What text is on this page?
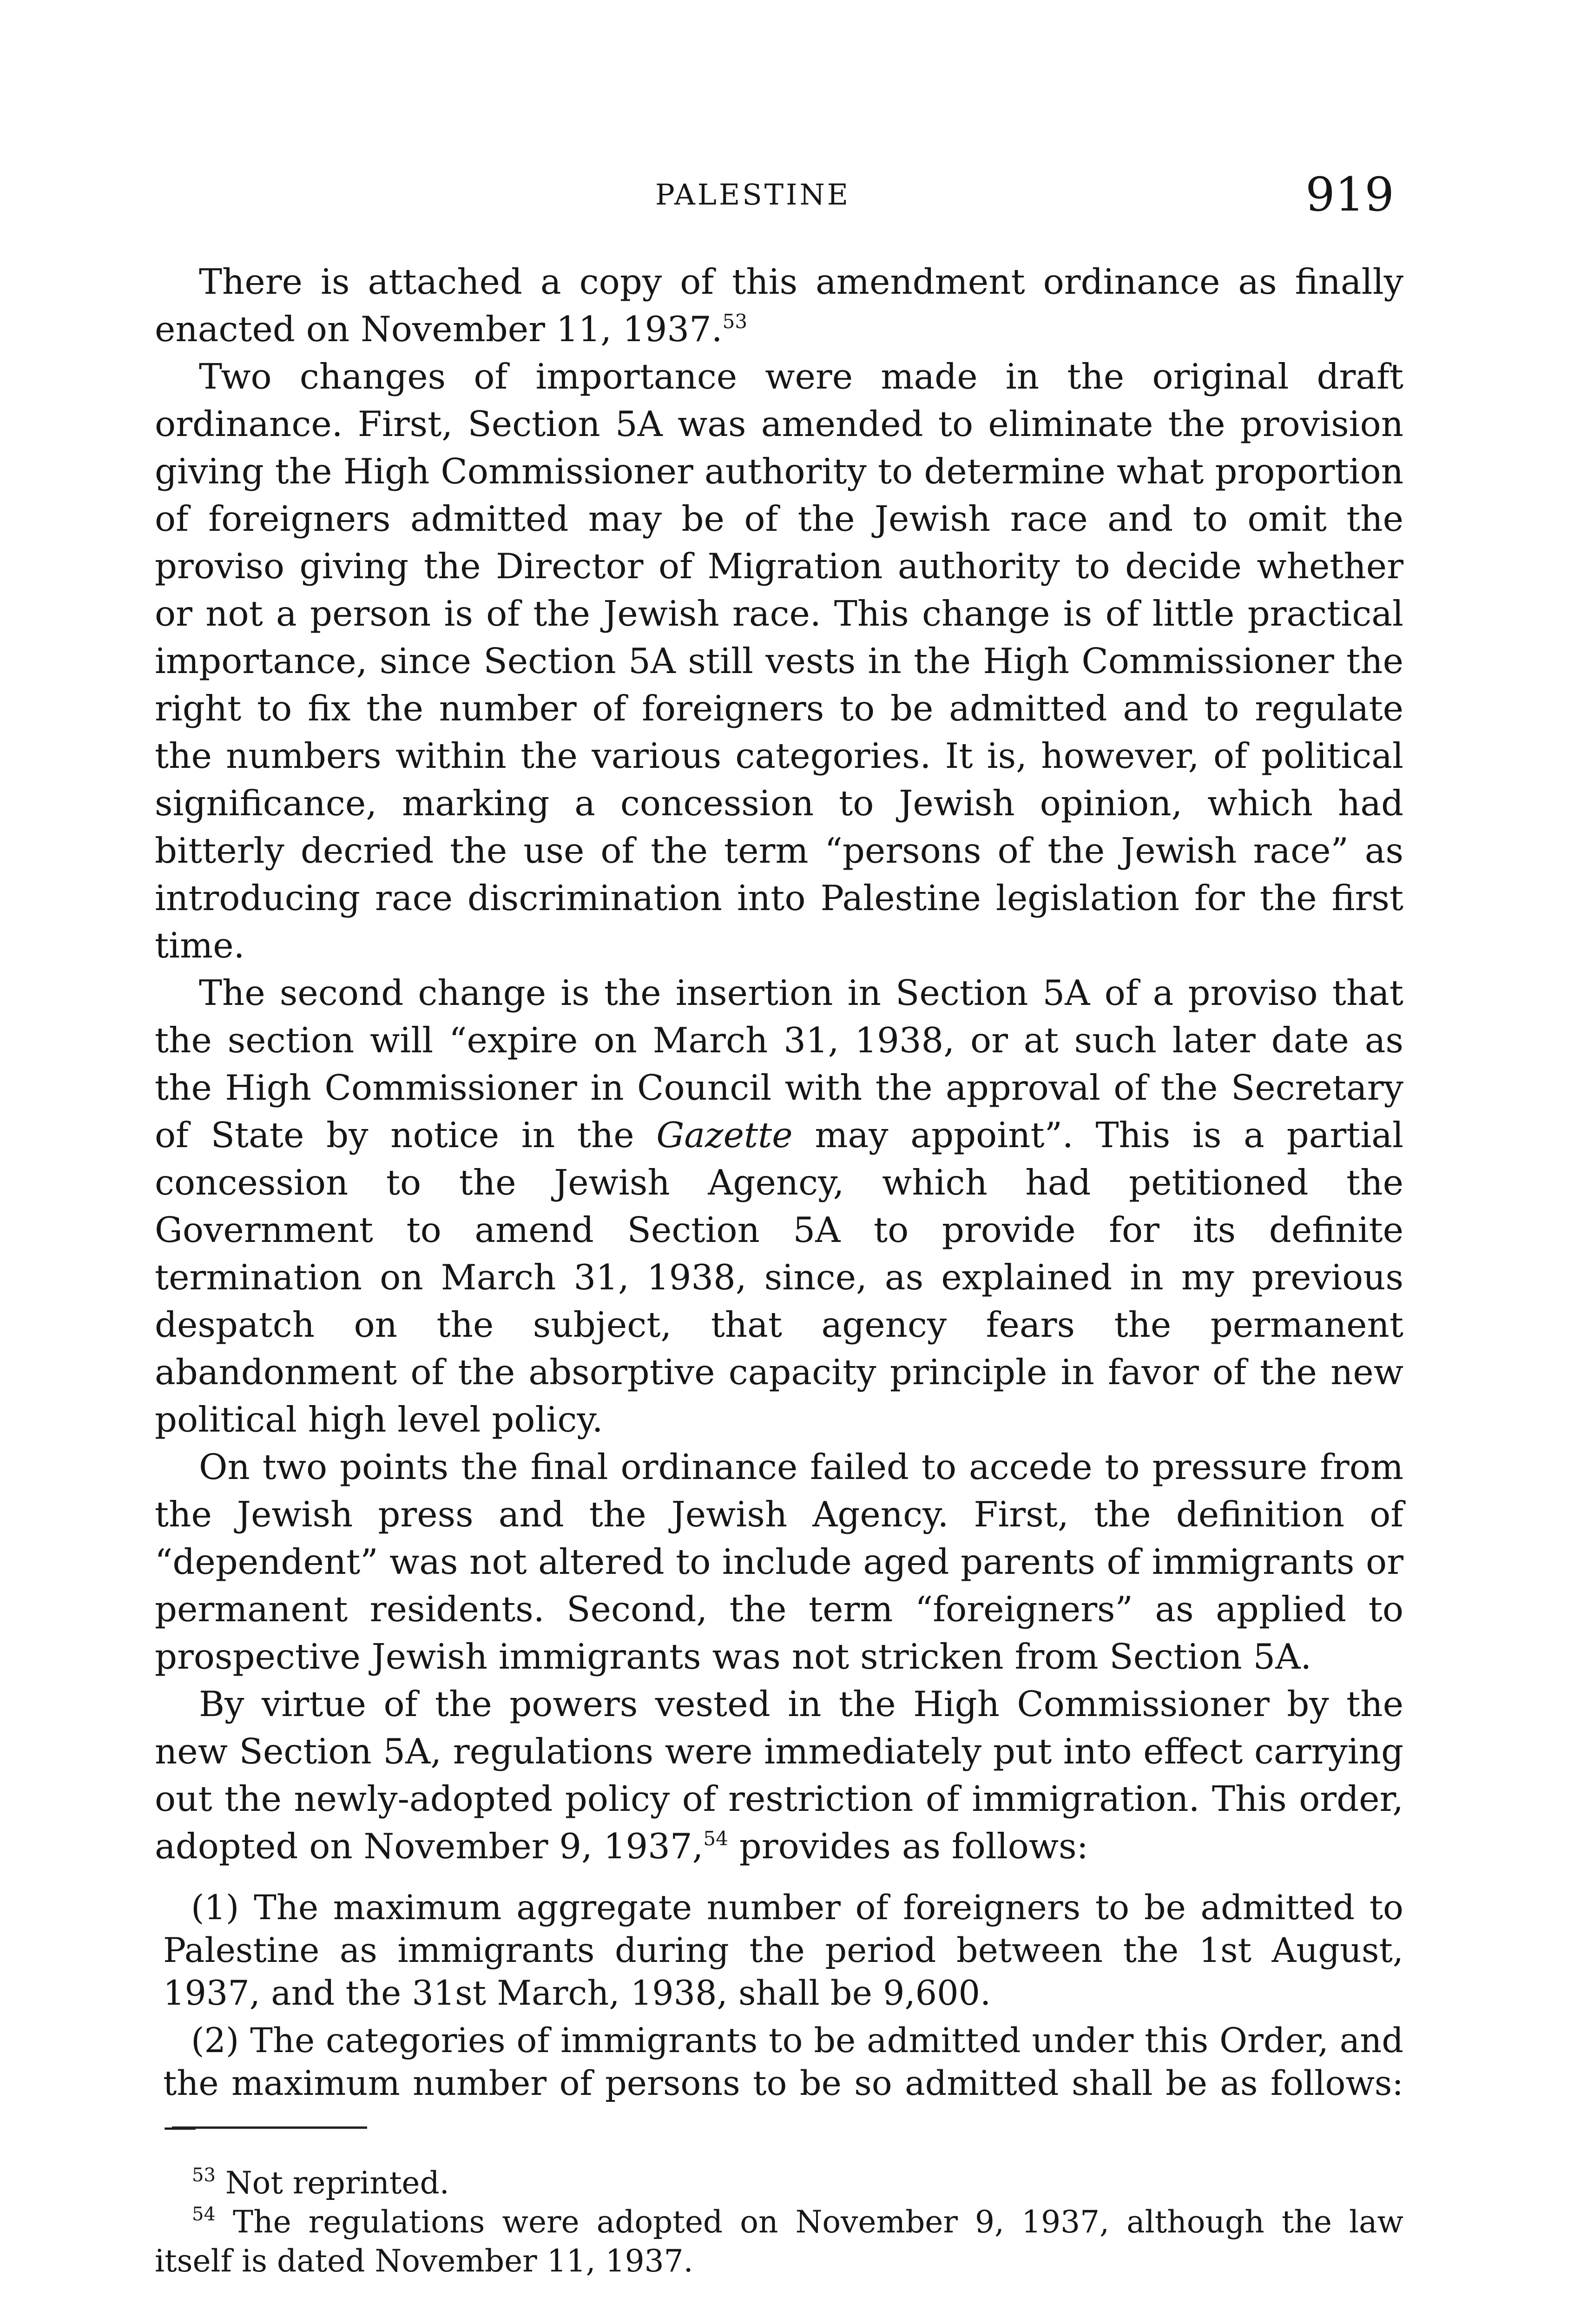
PALESTINE	919

There is attached a copy of this amendment ordinance as finally enacted on November 11, 1937.53

Two changes of importance were made in the original draft ordinance. First, Section 5A was amended to eliminate the provision giving the High Commissioner authority to determine what proportion of foreigners admitted may be of the Jewish race and to omit the proviso giving the Director of Migration authority to decide whether or not a person is of the Jewish race. This change is of little practical importance, since Section 5A still vests in the High Commissioner the right to fix the number of foreigners to be admitted and to regulate the numbers within the various categories. It is, however, of political significance, marking a concession to Jewish opinion, which had bitterly decried the use of the term “persons of the Jewish race” as introducing race discrimination into Palestine legislation for the first time.

The second change is the insertion in Section 5A of a proviso that the section will “expire on March 31, 1938, or at such later date as the High Commissioner in Council with the approval of the Secretary of State by notice in the Gazette may appoint”. This is a partial concession to the Jewish Agency, which had petitioned the Government to amend Section 5A to provide for its definite termination on March 31, 1938, since, as explained in my previous despatch on the subject, that agency fears the permanent abandonment of the absorptive capacity principle in favor of the new political high level policy.

On two points the final ordinance failed to accede to pressure from the Jewish press and the Jewish Agency. First, the definition of “dependent” was not altered to include aged parents of immigrants or permanent residents. Second, the term “foreigners” as applied to prospective Jewish immigrants was not stricken from Section 5A.

By virtue of the powers vested in the High Commissioner by the new Section 5A, regulations were immediately put into effect carrying out the newly-adopted policy of restriction of immigration. This order, adopted on November 9, 1937,54 provides as follows:

(1) The maximum aggregate number of foreigners to be admitted to Palestine as immigrants during the period between the 1st August, 1937, and the 31st March, 1938, shall be 9,600.

(2) The categories of immigrants to be admitted under this Order, and the maximum number of persons to be so admitted shall be as follows:—

$^{53}$ Not reprinted.

$^{54}$ The regulations were adopted on November 9, 1937, although the law itself is dated November 11, 1937.
